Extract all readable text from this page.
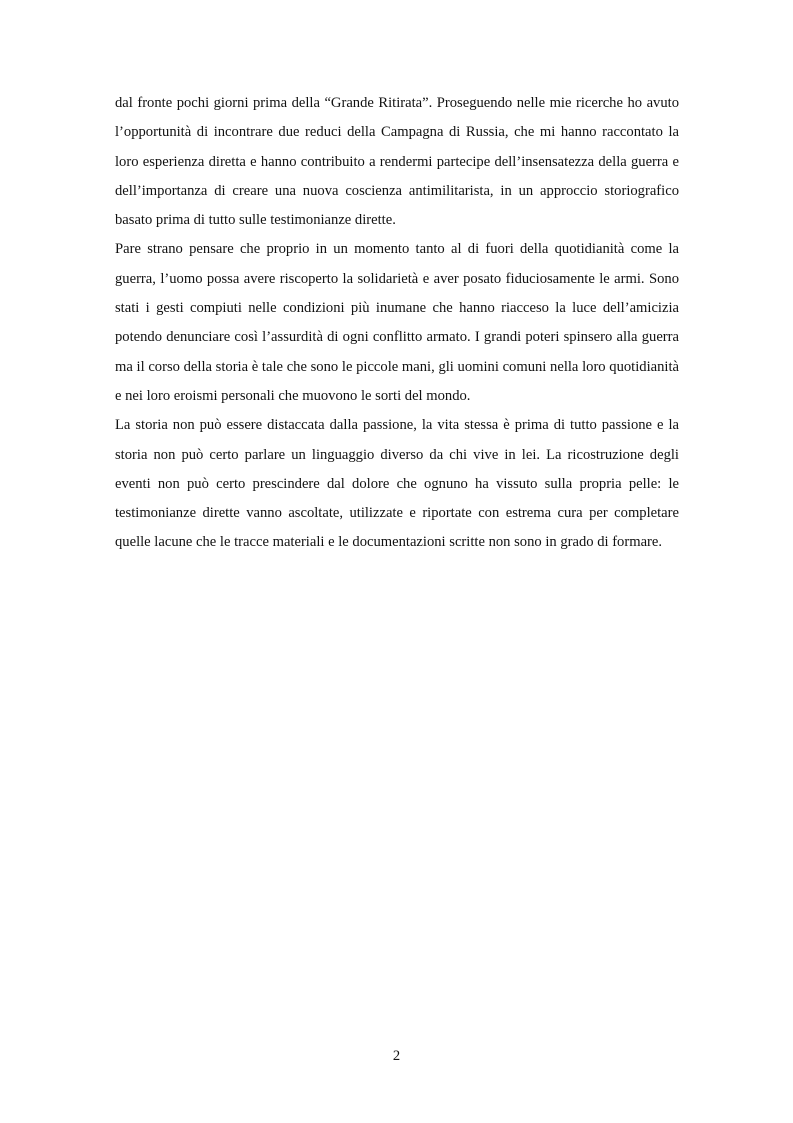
dal fronte pochi giorni prima della “Grande Ritirata”. Proseguendo nelle mie ricerche ho avuto l’opportunità di incontrare due reduci della Campagna di Russia, che mi hanno raccontato la loro esperienza diretta e hanno contribuito a rendermi partecipe dell’insensatezza della guerra e dell’importanza di creare una nuova coscienza antimilitarista, in un approccio storiografico basato prima di tutto sulle testimonianze dirette.

Pare strano pensare che proprio in un momento tanto al di fuori della quotidianità come la guerra, l’uomo possa avere riscoperto la solidarietà e aver posato fiduciosamente le armi. Sono stati i gesti compiuti nelle condizioni più inumane che hanno riacceso la luce dell’amicizia potendo denunciare così l’assurdità di ogni conflitto armato. I grandi poteri spinsero alla guerra ma il corso della storia è tale che sono le piccole mani, gli uomini comuni nella loro quotidianità e nei loro eroismi personali che muovono le sorti del mondo.

La storia non può essere distaccata dalla passione, la vita stessa è prima di tutto passione e la storia non può certo parlare un linguaggio diverso da chi vive in lei. La ricostruzione degli eventi non può certo prescindere dal dolore che ognuno ha vissuto sulla propria pelle: le testimonianze dirette vanno ascoltate, utilizzate e riportate con estrema cura per completare quelle lacune che le tracce materiali e le documentazioni scritte non sono in grado di formare.

2
